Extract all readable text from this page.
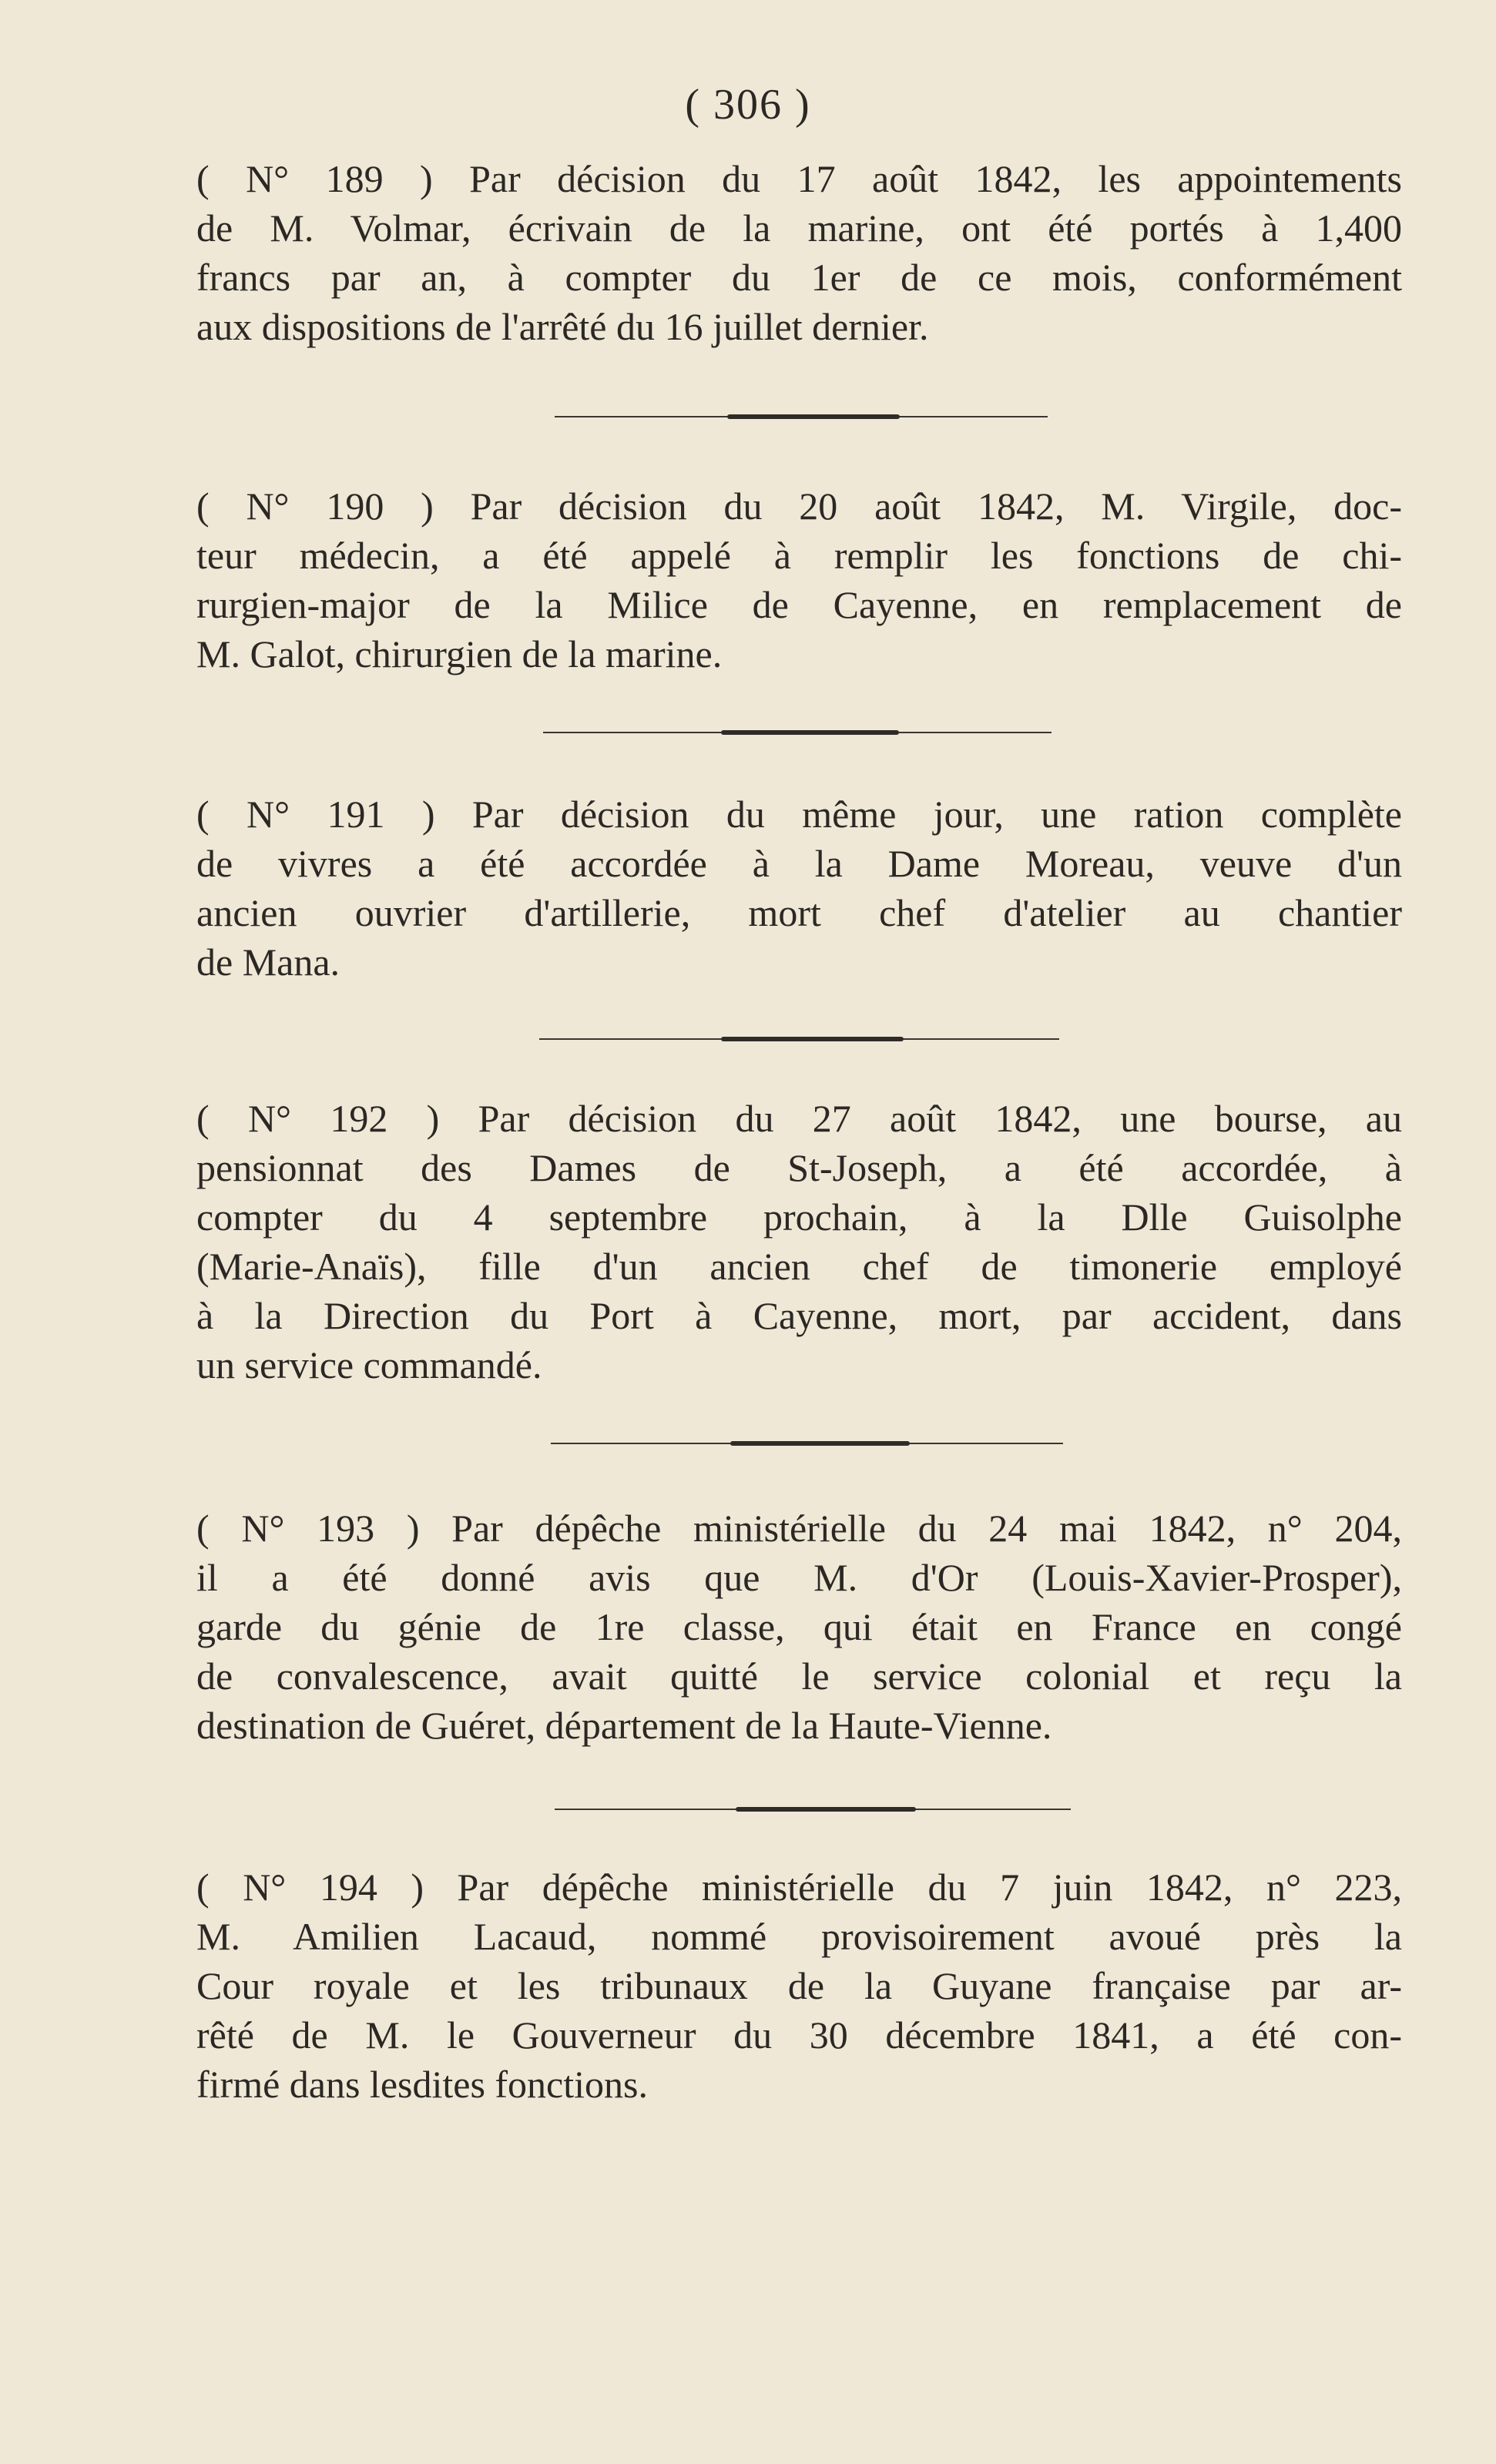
( 306 )
( N° 189 ) Par décision du 17 août 1842, les appointements
de M. Volmar, écrivain de la marine, ont été portés à 1,400
francs par an, à compter du 1er de ce mois, conformément
aux dispositions de l'arrêté du 16 juillet dernier.
( N° 190 ) Par décision du 20 août 1842, M. Virgile, doc-
teur médecin, a été appelé à remplir les fonctions de chi-
rurgien-major de la Milice de Cayenne, en remplacement de
M. Galot, chirurgien de la marine.
( N° 191 ) Par décision du même jour, une ration complète
de vivres a été accordée à la Dame Moreau, veuve d'un
ancien ouvrier d'artillerie, mort chef d'atelier au chantier
de Mana.
( N° 192 ) Par décision du 27 août 1842, une bourse, au
pensionnat des Dames de St-Joseph, a été accordée, à
compter du 4 septembre prochain, à la Dlle Guisolphe
(Marie-Anaïs), fille d'un ancien chef de timonerie employé
à la Direction du Port à Cayenne, mort, par accident, dans
un service commandé.
( N° 193 ) Par dépêche ministérielle du 24 mai 1842, n° 204,
il a été donné avis que M. d'Or (Louis-Xavier-Prosper),
garde du génie de 1re classe, qui était en France en congé
de convalescence, avait quitté le service colonial et reçu la
destination de Guéret, département de la Haute-Vienne.
( N° 194 ) Par dépêche ministérielle du 7 juin 1842, n° 223,
M. Amilien Lacaud, nommé provisoirement avoué près la
Cour royale et les tribunaux de la Guyane française par ar-
rêté de M. le Gouverneur du 30 décembre 1841, a été con-
firmé dans lesdites fonctions.
